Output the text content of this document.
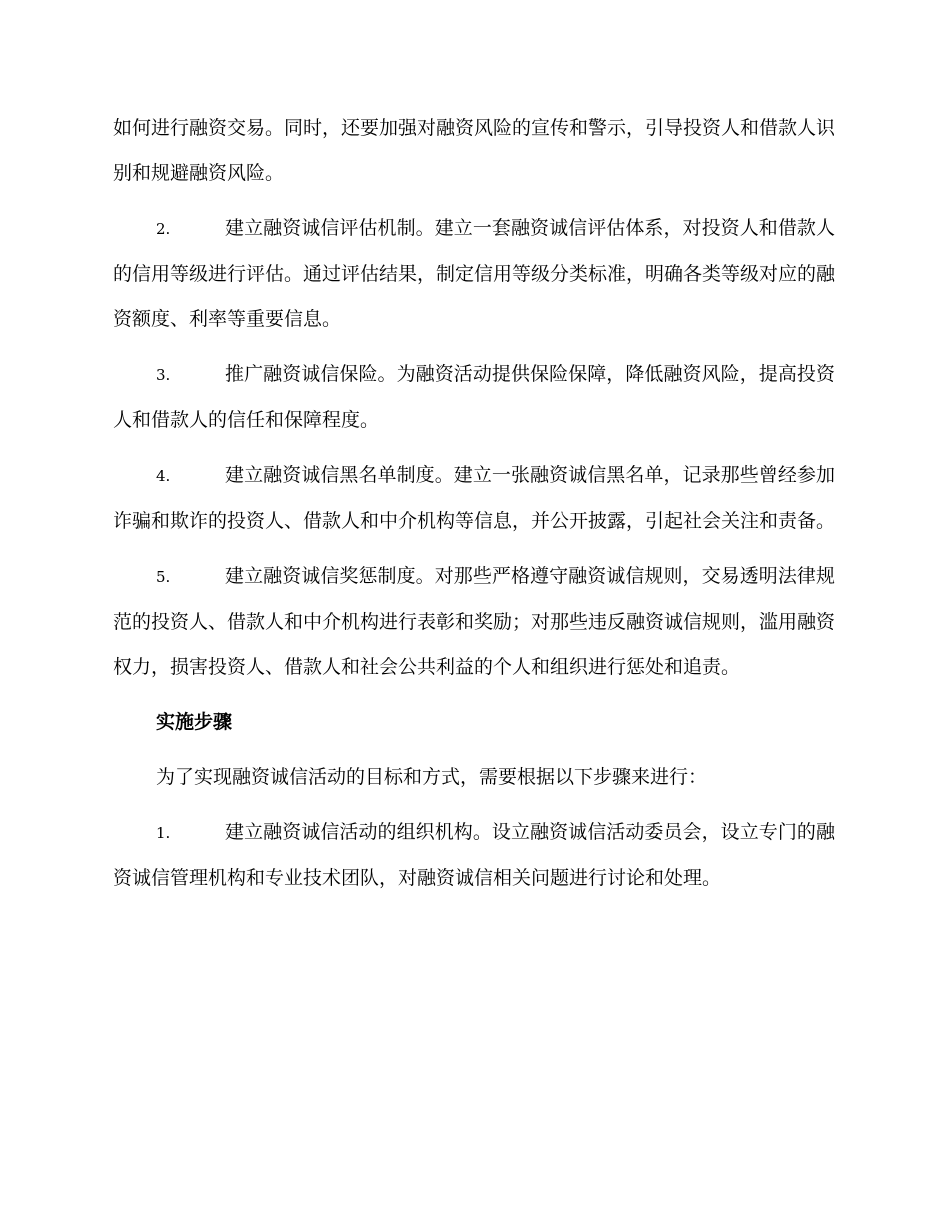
如何进行融资交易。同时，还要加强对融资风险的宣传和警示，引导投资人和借款人识别和规避融资风险。

2.	建立融资诚信评估机制。建立一套融资诚信评估体系，对投资人和借款人的信用等级进行评估。通过评估结果，制定信用等级分类标准，明确各类等级对应的融资额度、利率等重要信息。
3.	推广融资诚信保险。为融资活动提供保险保障，降低融资风险，提高投资人和借款人的信任和保障程度。
4.	建立融资诚信黑名单制度。建立一张融资诚信黑名单，记录那些曾经参加诈骗和欺诈的投资人、借款人和中介机构等信息，并公开披露，引起社会关注和责备。
5.	建立融资诚信奖惩制度。对那些严格遵守融资诚信规则，交易透明法律规范的投资人、借款人和中介机构进行表彰和奖励；对那些违反融资诚信规则，滥用融资权力，损害投资人、借款人和社会公共利益的个人和组织进行惩处和追责。
实施步骤

为了实现融资诚信活动的目标和方式，需要根据以下步骤来进行：

1.	建立融资诚信活动的组织机构。设立融资诚信活动委员会，设立专门的融资诚信管理机构和专业技术团队，对融资诚信相关问题进行讨论和处理。
